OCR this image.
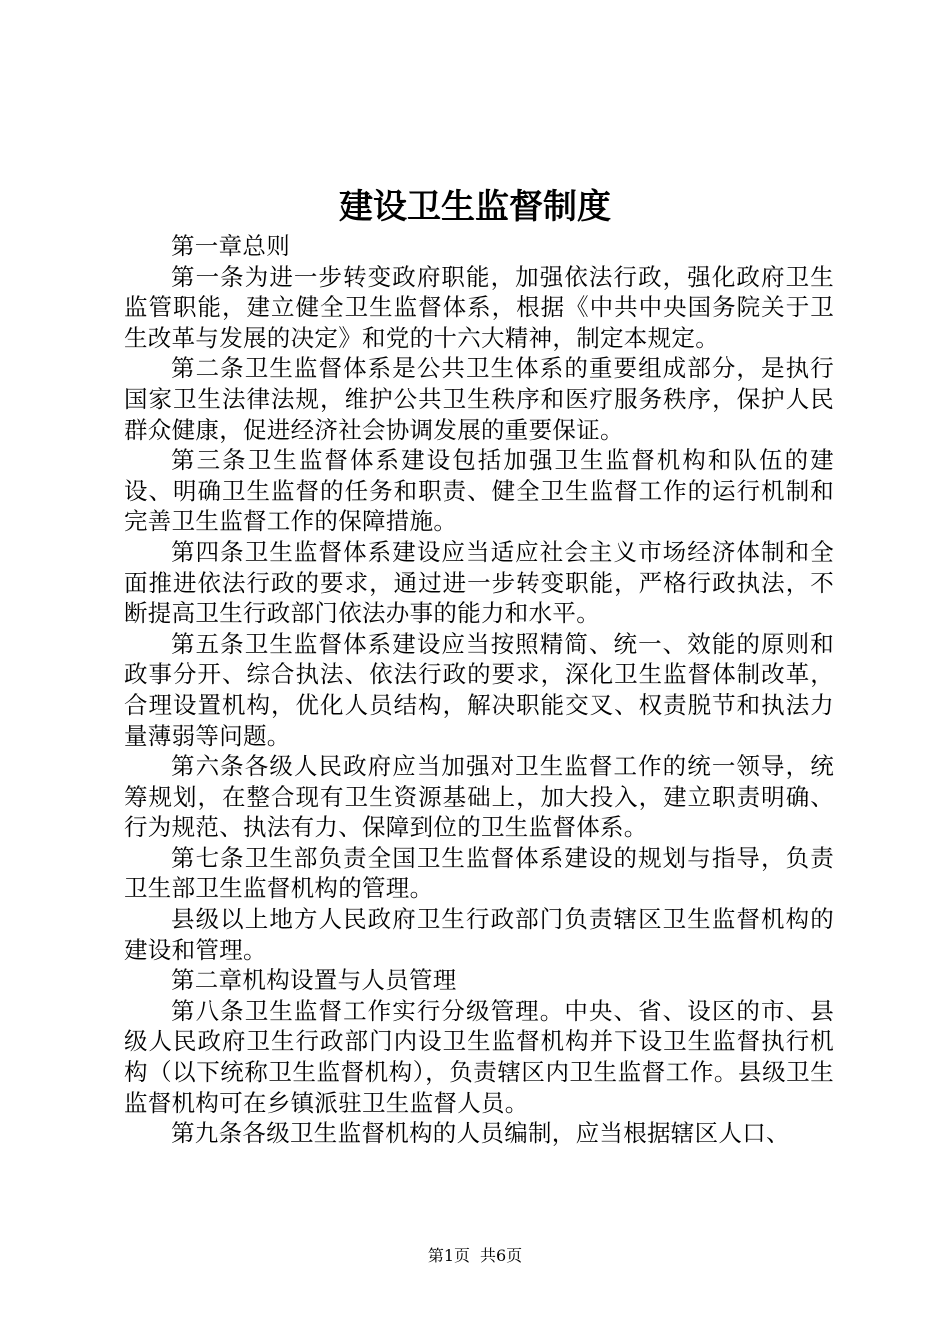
建设卫生监督制度

第一章总则

第一条为进一步转变政府职能，加强依法行政，强化政府卫生监管职能，建立健全卫生监督体系，根据《中共中央国务院关于卫生改革与发展的决定》和党的十六大精神，制定本规定。

第二条卫生监督体系是公共卫生体系的重要组成部分，是执行国家卫生法律法规，维护公共卫生秩序和医疗服务秩序，保护人民群众健康，促进经济社会协调发展的重要保证。

第三条卫生监督体系建设包括加强卫生监督机构和队伍的建设、明确卫生监督的任务和职责、健全卫生监督工作的运行机制和完善卫生监督工作的保障措施。

第四条卫生监督体系建设应当适应社会主义市场经济体制和全面推进依法行政的要求，通过进一步转变职能，严格行政执法，不断提高卫生行政部门依法办事的能力和水平。

第五条卫生监督体系建设应当按照精简、统一、效能的原则和政事分开、综合执法、依法行政的要求，深化卫生监督体制改革，合理设置机构，优化人员结构，解决职能交叉、权责脱节和执法力量薄弱等问题。

第六条各级人民政府应当加强对卫生监督工作的统一领导，统筹规划，在整合现有卫生资源基础上，加大投入，建立职责明确、行为规范、执法有力、保障到位的卫生监督体系。

第七条卫生部负责全国卫生监督体系建设的规划与指导，负责卫生部卫生监督机构的管理。

县级以上地方人民政府卫生行政部门负责辖区卫生监督机构的建设和管理。

第二章机构设置与人员管理

第八条卫生监督工作实行分级管理。中央、省、设区的市、县级人民政府卫生行政部门内设卫生监督机构并下设卫生监督执行机构（以下统称卫生监督机构），负责辖区内卫生监督工作。县级卫生监督机构可在乡镇派驻卫生监督人员。

第九条各级卫生监督机构的人员编制，应当根据辖区人口、

第1页 共6页
